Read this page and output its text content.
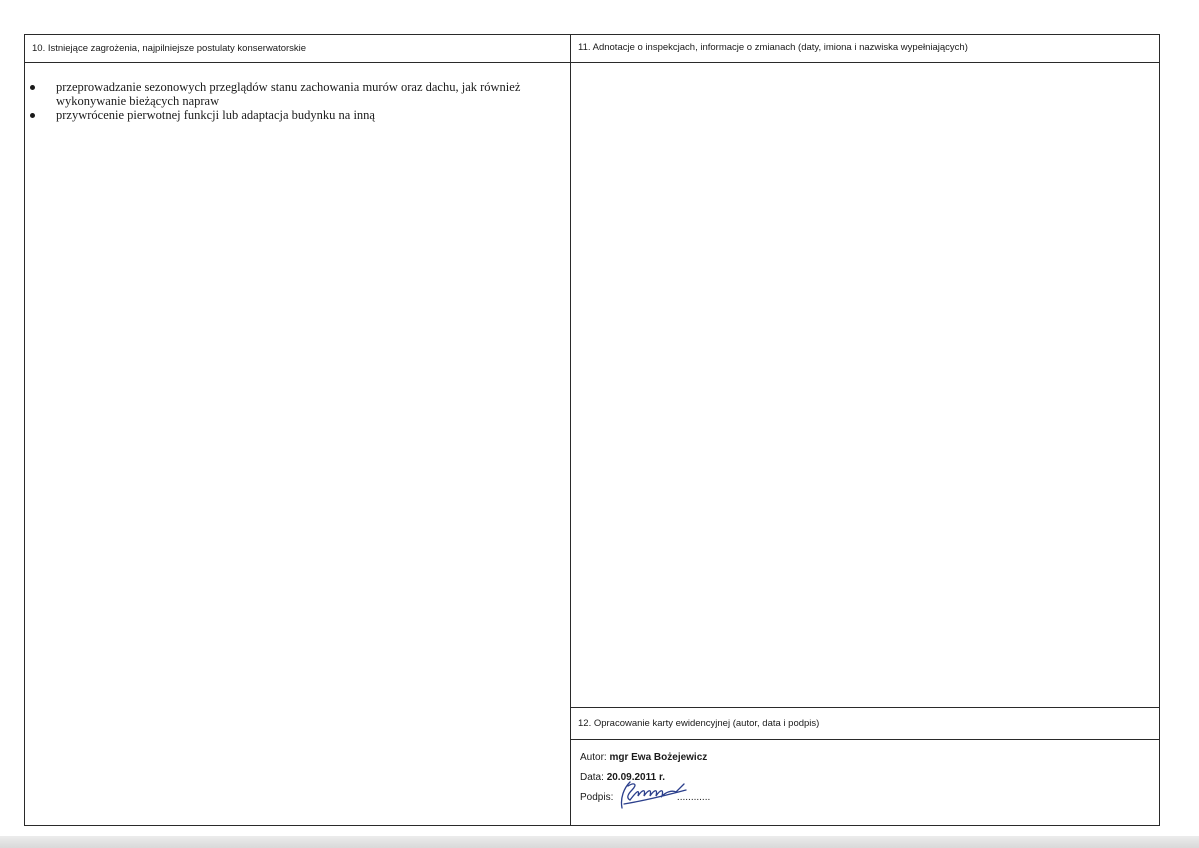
10. Istniejące zagrożenia, najpilniejsze postulaty konserwatorskie
przeprowadzanie sezonowych przeglądów stanu zachowania murów oraz dachu, jak również wykonywanie bieżących napraw
przywrócenie pierwotnej funkcji lub adaptacja budynku na inną
11. Adnotacje o inspekcjach, informacje o zmianach (daty, imiona i nazwiska wypełniających)
12. Opracowanie karty ewidencyjnej (autor, data i podpis)
Autor: mgr Ewa Bożejewicz
Data: 20.09.2011 r.
Podpis:	............
